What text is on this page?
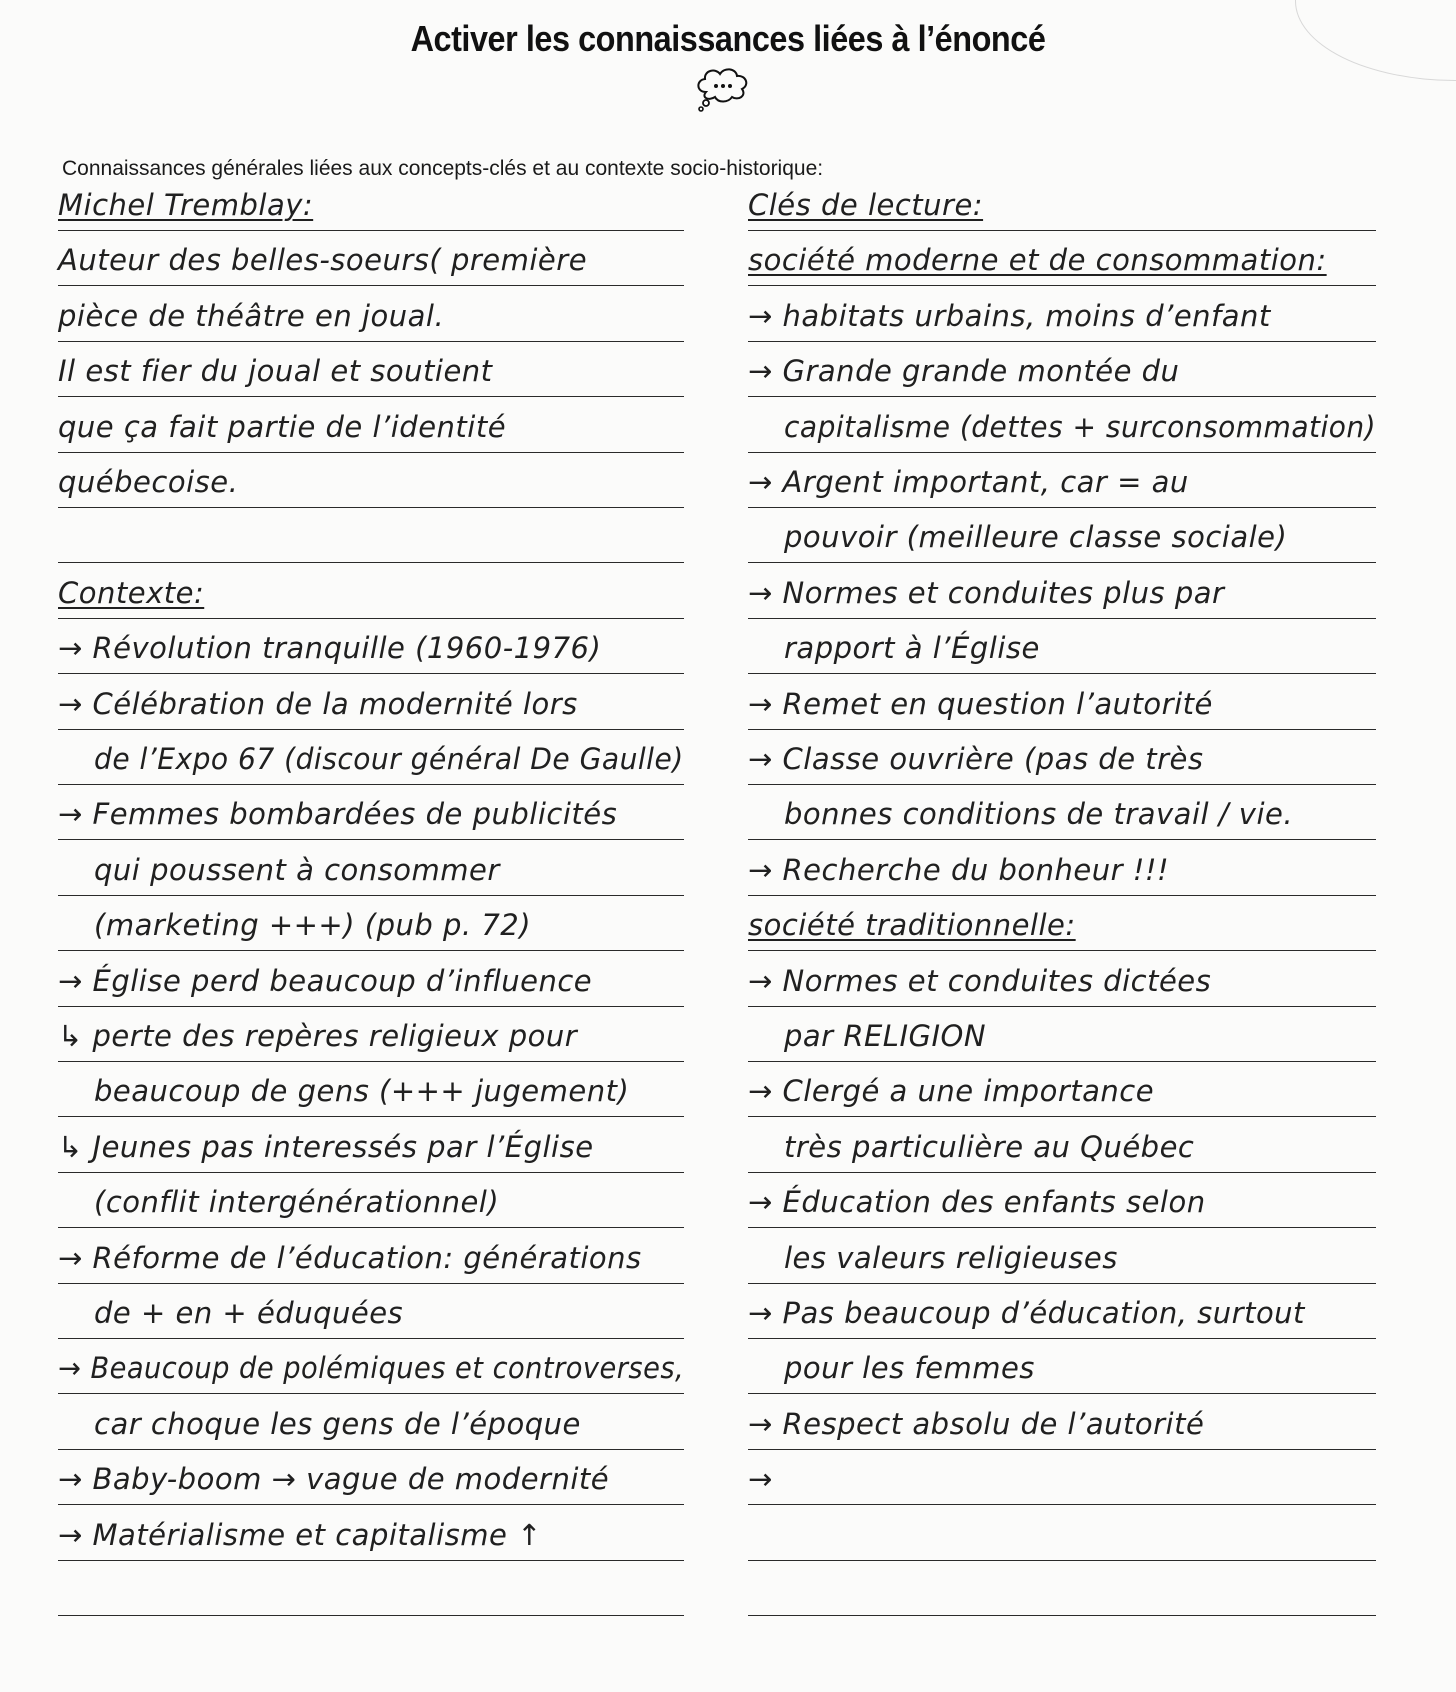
Activer les connaissances liées à l’énoncé
Connaissances générales liées aux concepts-clés et au contexte socio-historique:
Michel Tremblay:
Auteur des belles-soeurs( première
pièce de théâtre en joual.
Il est fier du joual et soutient
que ça fait partie de l’identité
québecoise.
Contexte:
→ Révolution tranquille (1960-1976)
→ Célébration de la modernité lors
de l’Expo 67 (discour général De Gaulle)
→ Femmes bombardées de publicités
qui poussent à consommer
(marketing +++) (pub p. 72)
→ Église perd beaucoup d’influence
↳ perte des repères religieux pour
beaucoup de gens (+++ jugement)
↳ Jeunes pas interessés par l’Église
(conflit intergénérationnel)
→ Réforme de l’éducation: générations
de + en + éduquées
→ Beaucoup de polémiques et controverses,
car choque les gens de l’époque
→ Baby-boom → vague de modernité
→ Matérialisme et capitalisme ↑
Clés de lecture:
société moderne et de consommation:
→ habitats urbains, moins d’enfant
→ Grande grande montée du
capitalisme (dettes + surconsommation)
→ Argent important, car = au
pouvoir (meilleure classe sociale)
→ Normes et conduites plus par
rapport à l’Église
→ Remet en question l’autorité
→ Classe ouvrière (pas de très
bonnes conditions de travail / vie.
→ Recherche du bonheur !!!
société traditionnelle:
→ Normes et conduites dictées
par RELIGION
→ Clergé a une importance
très particulière au Québec
→ Éducation des enfants selon
les valeurs religieuses
→ Pas beaucoup d’éducation, surtout
pour les femmes
→ Respect absolu de l’autorité
→
